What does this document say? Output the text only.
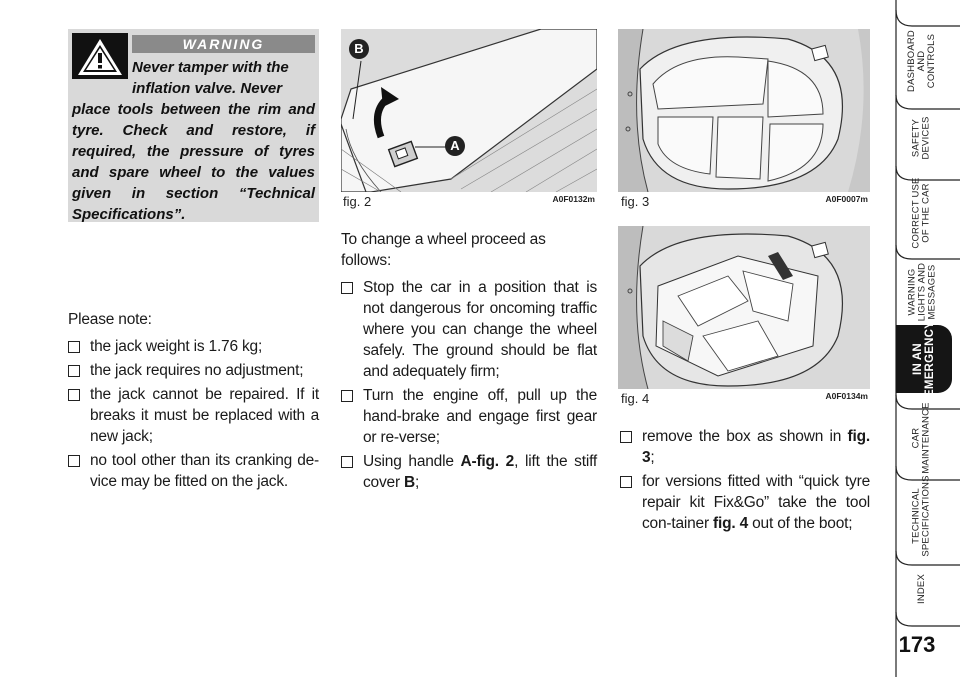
WARNING
Never tamper with the
inflation valve. Never
place tools between the rim and tyre. Check and restore, if required, the pressure of tyres and spare wheel to the values given in section “Technical Specifications”.

Please note:

the jack weight is 1.76 kg;
the jack requires no adjustment;
the jack cannot be repaired. If it breaks it must be replaced with a new jack;
no tool other than its cranking de-vice may be fitted on the jack.
A
B
fig. 2	A0F0132m fig. 3	A0F0007m
fig. 4	A0F0134m

To change a wheel proceed as follows:

Stop the car in a position that is not dangerous for oncoming traffic where you can change the wheel safely. The ground should be flat and adequately firm;
Turn the engine off, pull up the hand-brake and engage first gear or re-verse;
Using handle A-fig. 2, lift the stiff cover B;
remove the box as shown in fig. 3;
for versions fitted with “quick tyre repair kit Fix&Go” take the tool con-tainer fig. 4 out of the boot;
DASHBOARD
AND
CONTROLS
SAFETY
DEVICES
CORRECT USE
OF THE CAR
WARNING
LIGHTS AND
MESSAGES
IN AN
EMERGENCY
CAR
MAINTENANCE
TECHNICAL
SPECIFICATIONS
INDEX
173
